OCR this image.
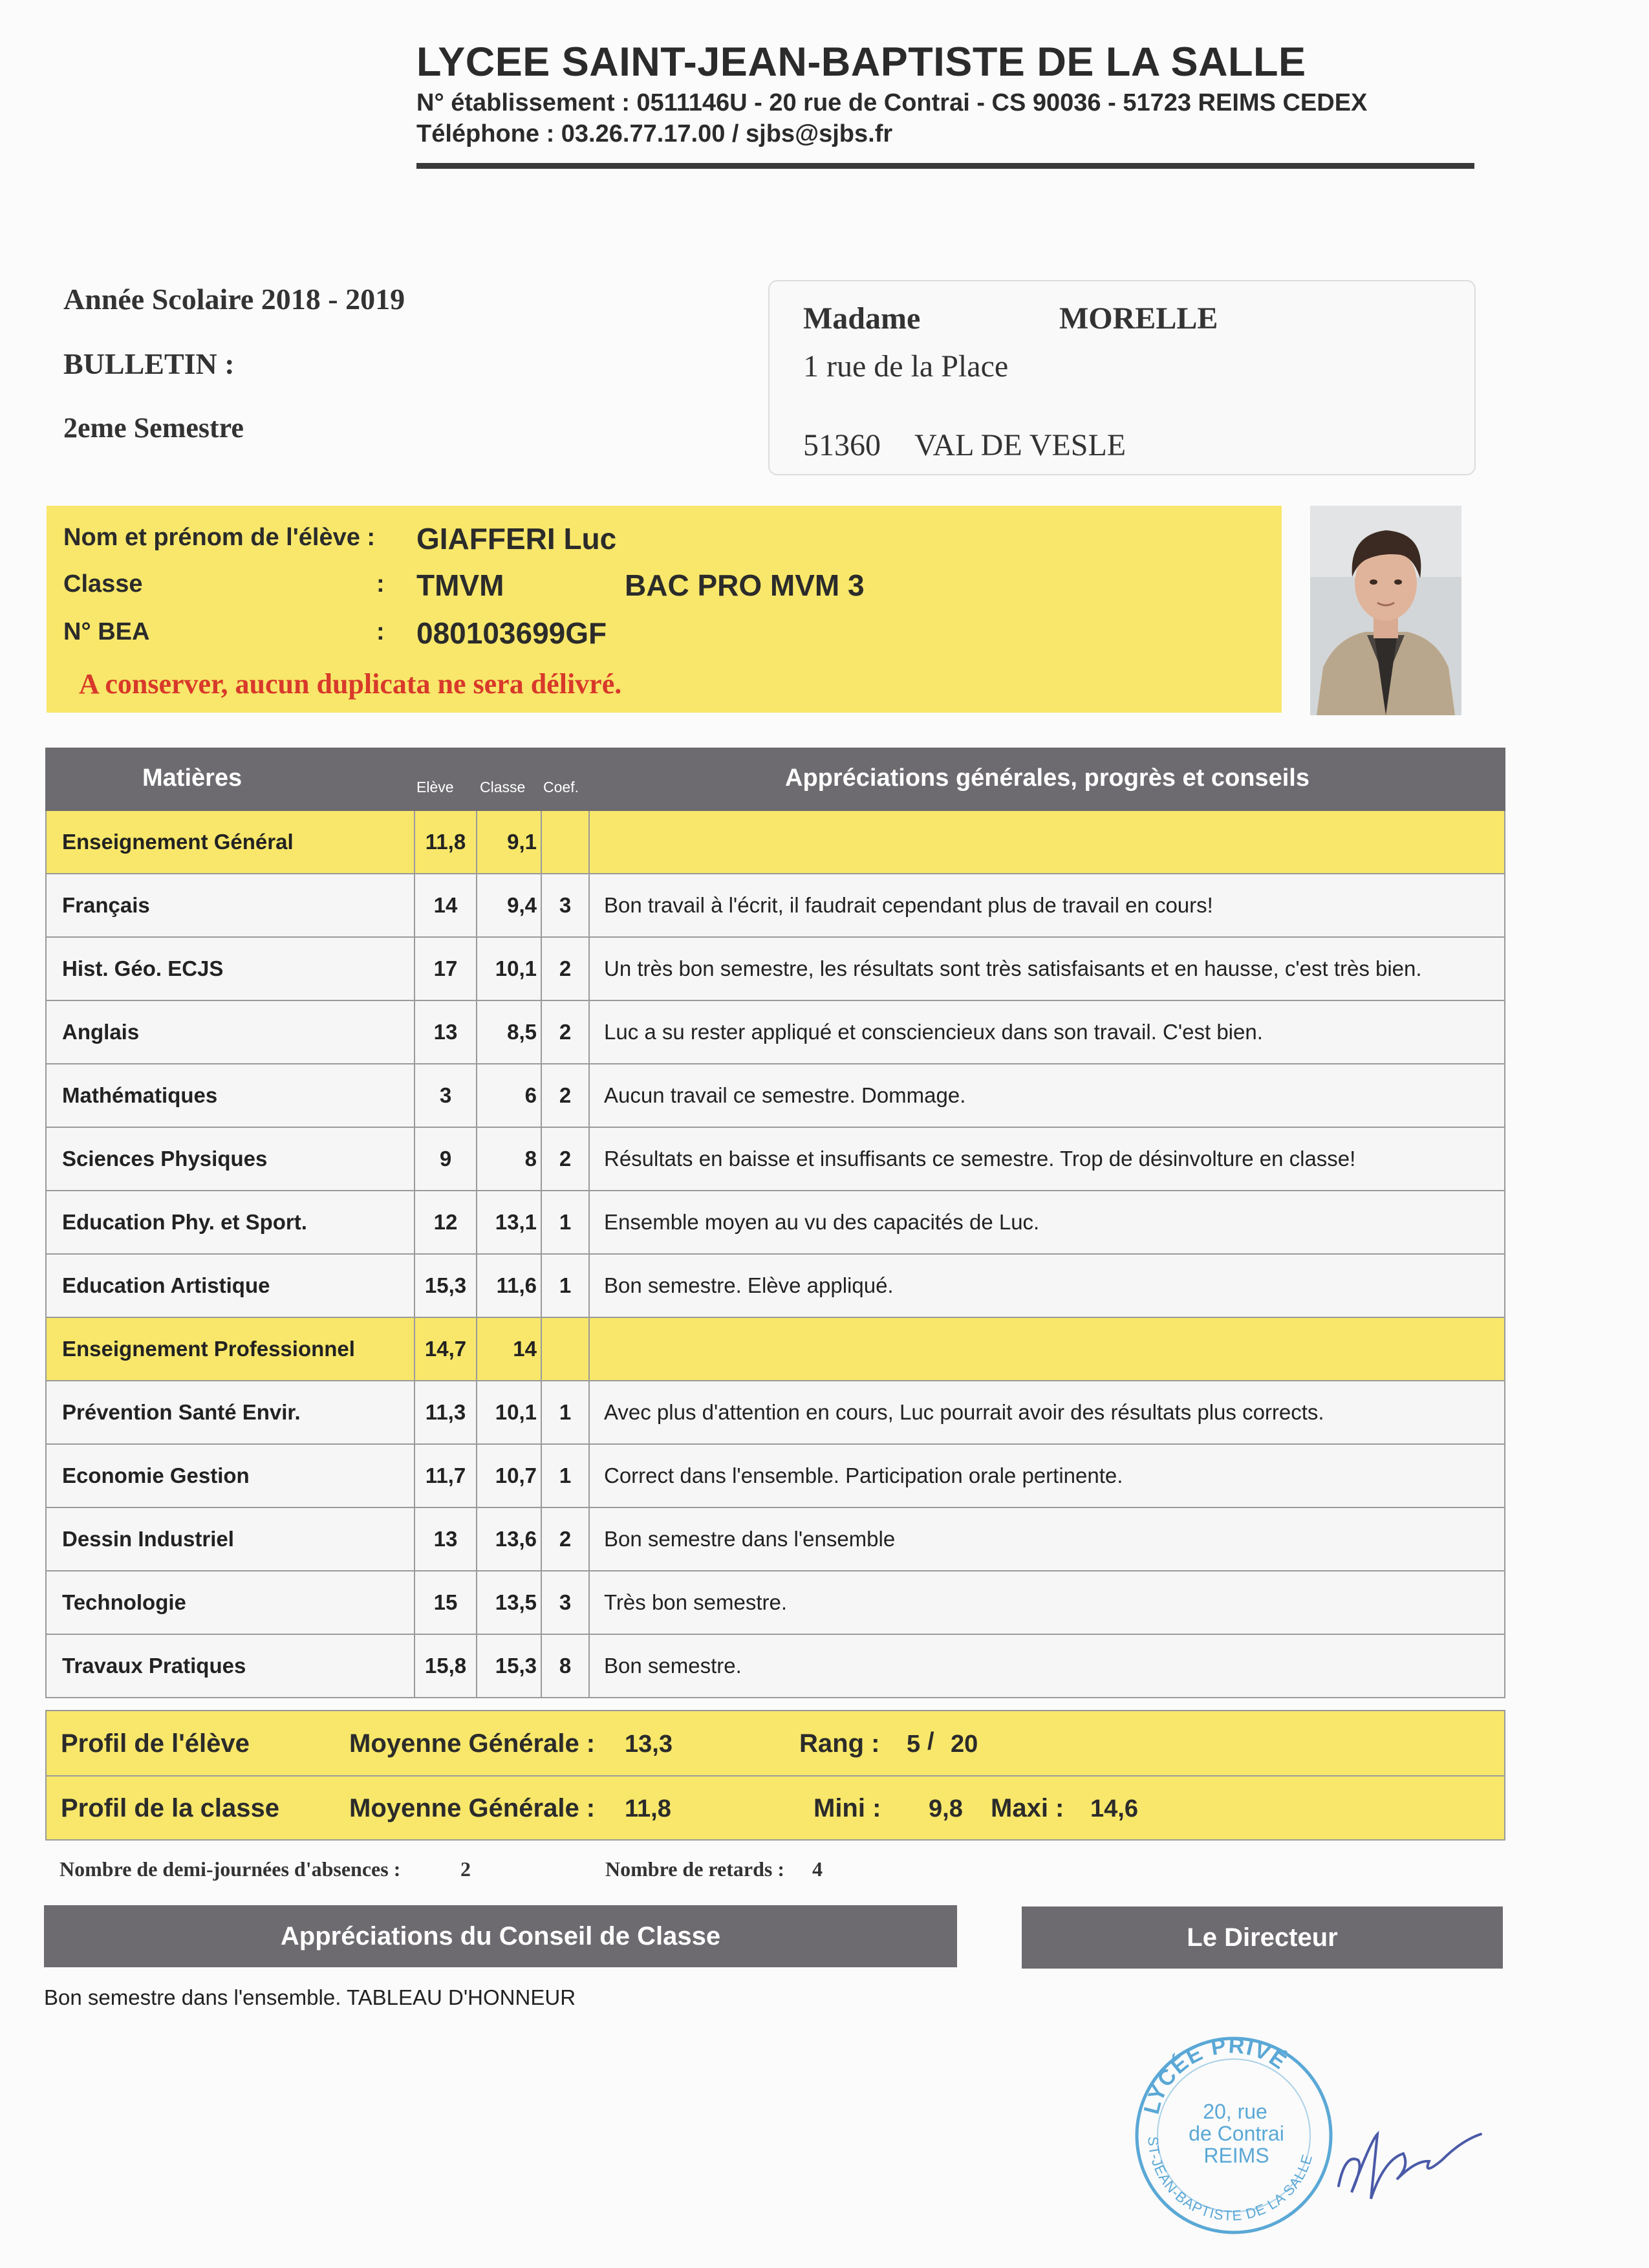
LYCEE SAINT-JEAN-BAPTISTE DE LA SALLE
N° établissement : 0511146U - 20 rue de Contrai - CS 90036 - 51723 REIMS CEDEX
Téléphone : 03.26.77.17.00 / sjbs@sjbs.fr
Année Scolaire 2018 - 2019
BULLETIN :
2eme Semestre
Madame	MORELLE
1 rue de la Place
51360 VAL DE VESLE
Nom et prénom de l'élève : GIAFFERI Luc
Classe	: TMVM	BAC PRO MVM 3
N° BEA	: 080103699GF
A conserver, aucun duplicata ne sera délivré.
Matières	Elève Classe Coef.	Appréciations générales, progrès et conseils
Enseignement Général	11,8	9,1
Français	14	9,4	3	Bon travail à l'écrit, il faudrait cependant plus de travail en cours!
Hist. Géo. ECJS	17	10,1	2	Un très bon semestre, les résultats sont très satisfaisants et en hausse, c'est très bien.
Anglais	13	8,5	2	Luc a su rester appliqué et consciencieux dans son travail. C'est bien.
Mathématiques	3	6	2	Aucun travail ce semestre. Dommage.
Sciences Physiques	9	8	2	Résultats en baisse et insuffisants ce semestre. Trop de désinvolture en classe!
Education Phy. et Sport.	12	13,1	1	Ensemble moyen au vu des capacités de Luc.
Education Artistique	15,3	11,6	1	Bon semestre. Elève appliqué.
Enseignement Professionnel	14,7	14
Prévention Santé Envir.	11,3	10,1	1	Avec plus d'attention en cours, Luc pourrait avoir des résultats plus corrects.
Economie Gestion	11,7	10,7	1	Correct dans l'ensemble. Participation orale pertinente.
Dessin Industriel	13	13,6	2	Bon semestre dans l'ensemble
Technologie	15	13,5	3	Très bon semestre.
Travaux Pratiques	15,8	15,3	8	Bon semestre.
Profil de l'élève	Moyenne Générale : 13,3	Rang : 5 / 20
Profil de la classe	Moyenne Générale : 11,8	Mini : 9,8 Maxi : 14,6
Nombre de demi-journées d'absences :	2	Nombre de retards : 4
Appréciations du Conseil de Classe	Le Directeur
Bon semestre dans l'ensemble. TABLEAU D'HONNEUR
LYCÉE PRIVÉ
20, rue
de Contrai
REIMS
ST-JEAN-BAPTISTE DE LA SALLE
